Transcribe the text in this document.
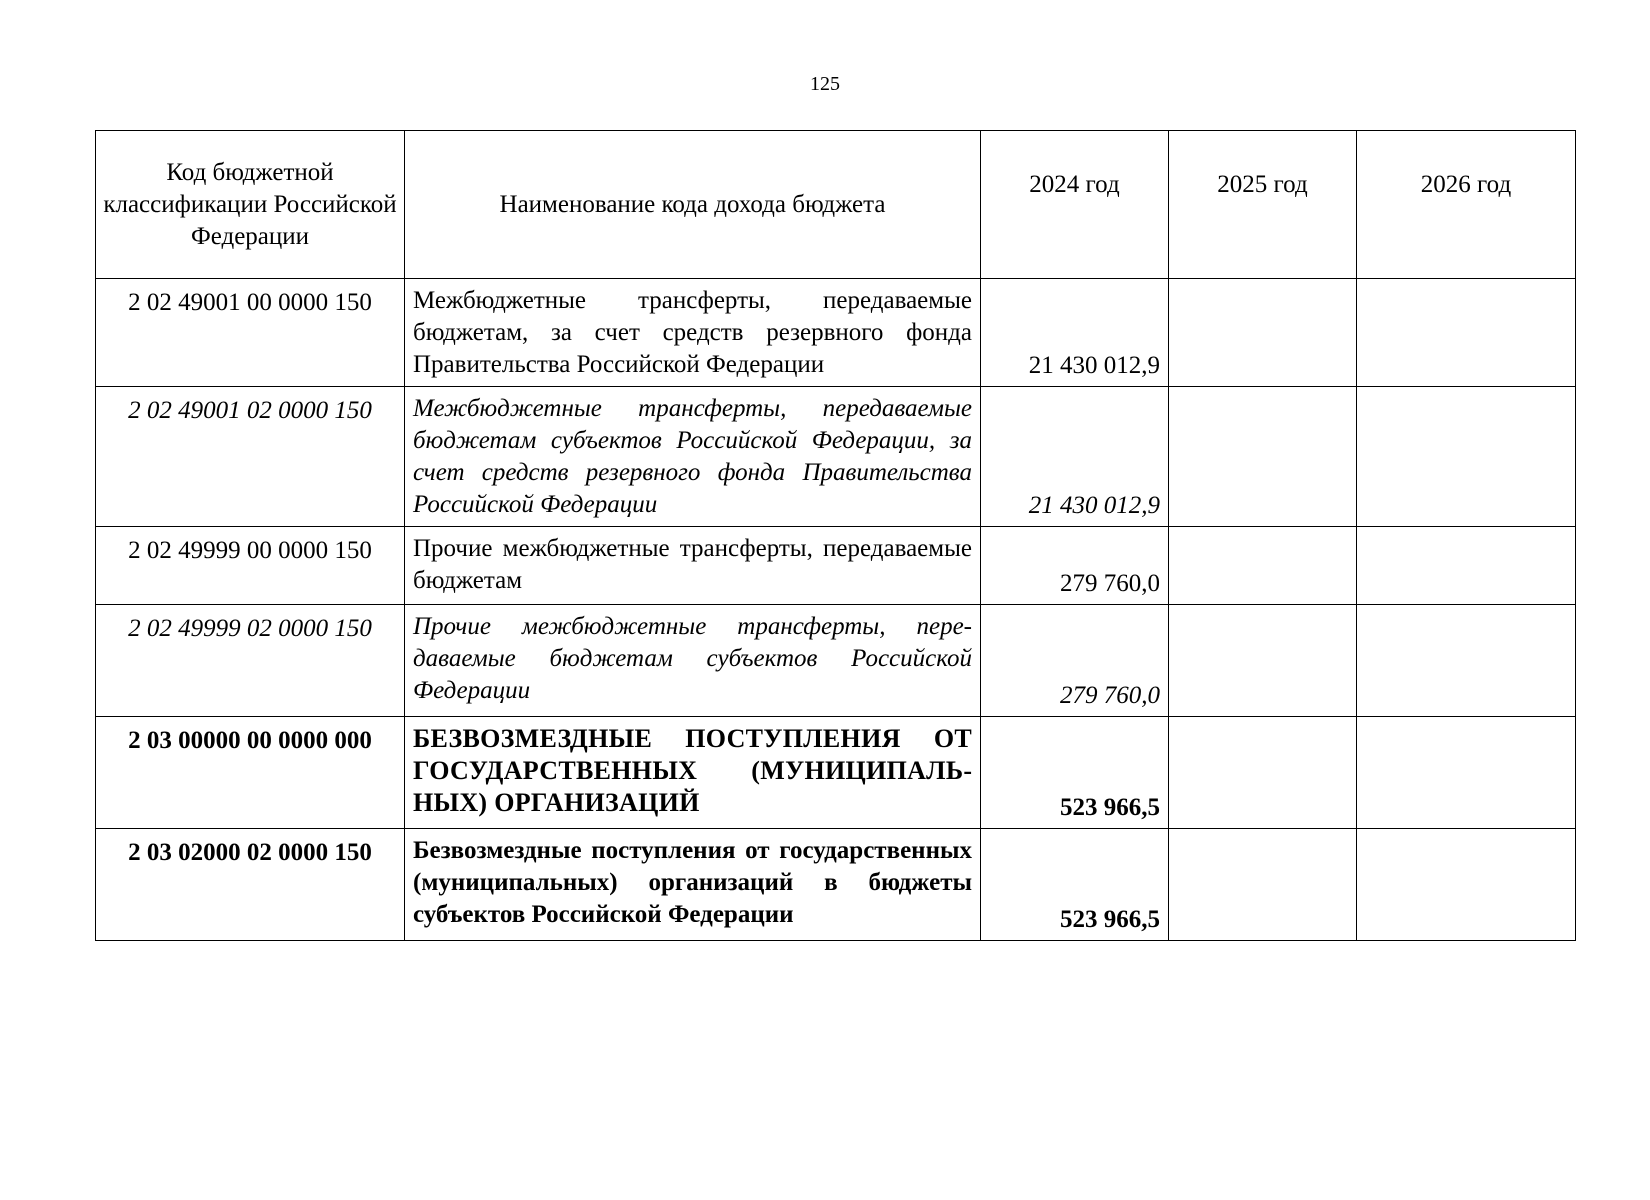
125
Код бюджетной классификации Российской Федерации	Наименование кода дохода бюджета	2024 год	2025 год	2026 год
2 02 49001 00 0000 150	Межбюджетные трансферты, передаваемые бюджетам, за счет средств резервного фонда Правительства Российской Федерации	21 430 012,9		
2 02 49001 02 0000 150	Межбюджетные трансферты, передаваемые бюджетам субъектов Российской Федерации, за счет средств резервного фонда Правительства Российской Федерации	21 430 012,9		
2 02 49999 00 0000 150	Прочие межбюджетные трансферты, передаваемые бюджетам	279 760,0		
2 02 49999 02 0000 150	Прочие межбюджетные трансферты, передаваемые бюджетам субъектов Российской Федерации	279 760,0		
2 03 00000 00 0000 000	БЕЗВОЗМЕЗДНЫЕ ПОСТУПЛЕНИЯ ОТ ГОСУДАРСТВЕННЫХ (МУНИЦИПАЛЬНЫХ) ОРГАНИЗАЦИЙ	523 966,5		
2 03 02000 02 0000 150	Безвозмездные поступления от государственных (муниципальных) организаций в бюджеты субъектов Российской Федерации	523 966,5		
